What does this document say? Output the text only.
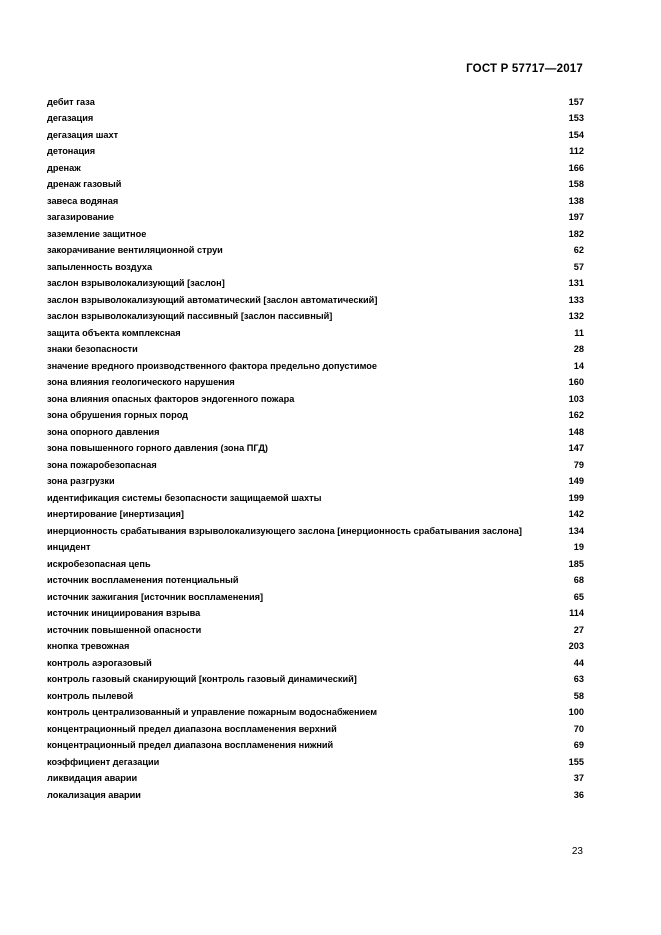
ГОСТ Р 57717—2017
дебит газа	157
дегазация	153
дегазация шахт	154
детонация	112
дренаж	166
дренаж газовый	158
завеса водяная	138
загазирование	197
заземление защитное	182
закорачивание вентиляционной струи	62
запыленность воздуха	57
заслон взрыволокализующий [заслон]	131
заслон взрыволокализующий автоматический [заслон автоматический]	133
заслон взрыволокализующий пассивный [заслон пассивный]	132
защита объекта комплексная	11
знаки безопасности	28
значение вредного производственного фактора предельно допустимое	14
зона влияния геологического нарушения	160
зона влияния опасных факторов эндогенного пожара	103
зона обрушения горных пород	162
зона опорного давления	148
зона повышенного горного давления (зона ПГД)	147
зона пожаробезопасная	79
зона разгрузки	149
идентификация системы безопасности защищаемой шахты	199
инертирование [инертизация]	142
инерционность срабатывания взрыволокализующего заслона [инерционность срабатывания заслона]	134
инцидент	19
искробезопасная цепь	185
источник воспламенения потенциальный	68
источник зажигания [источник воспламенения]	65
источник инициирования взрыва	114
источник повышенной опасности	27
кнопка тревожная	203
контроль аэрогазовый	44
контроль газовый сканирующий [контроль газовый динамический]	63
контроль пылевой	58
контроль централизованный и управление пожарным водоснабжением	100
концентрационный предел диапазона воспламенения верхний	70
концентрационный предел диапазона воспламенения нижний	69
коэффициент дегазации	155
ликвидация аварии	37
локализация аварии	36
23
